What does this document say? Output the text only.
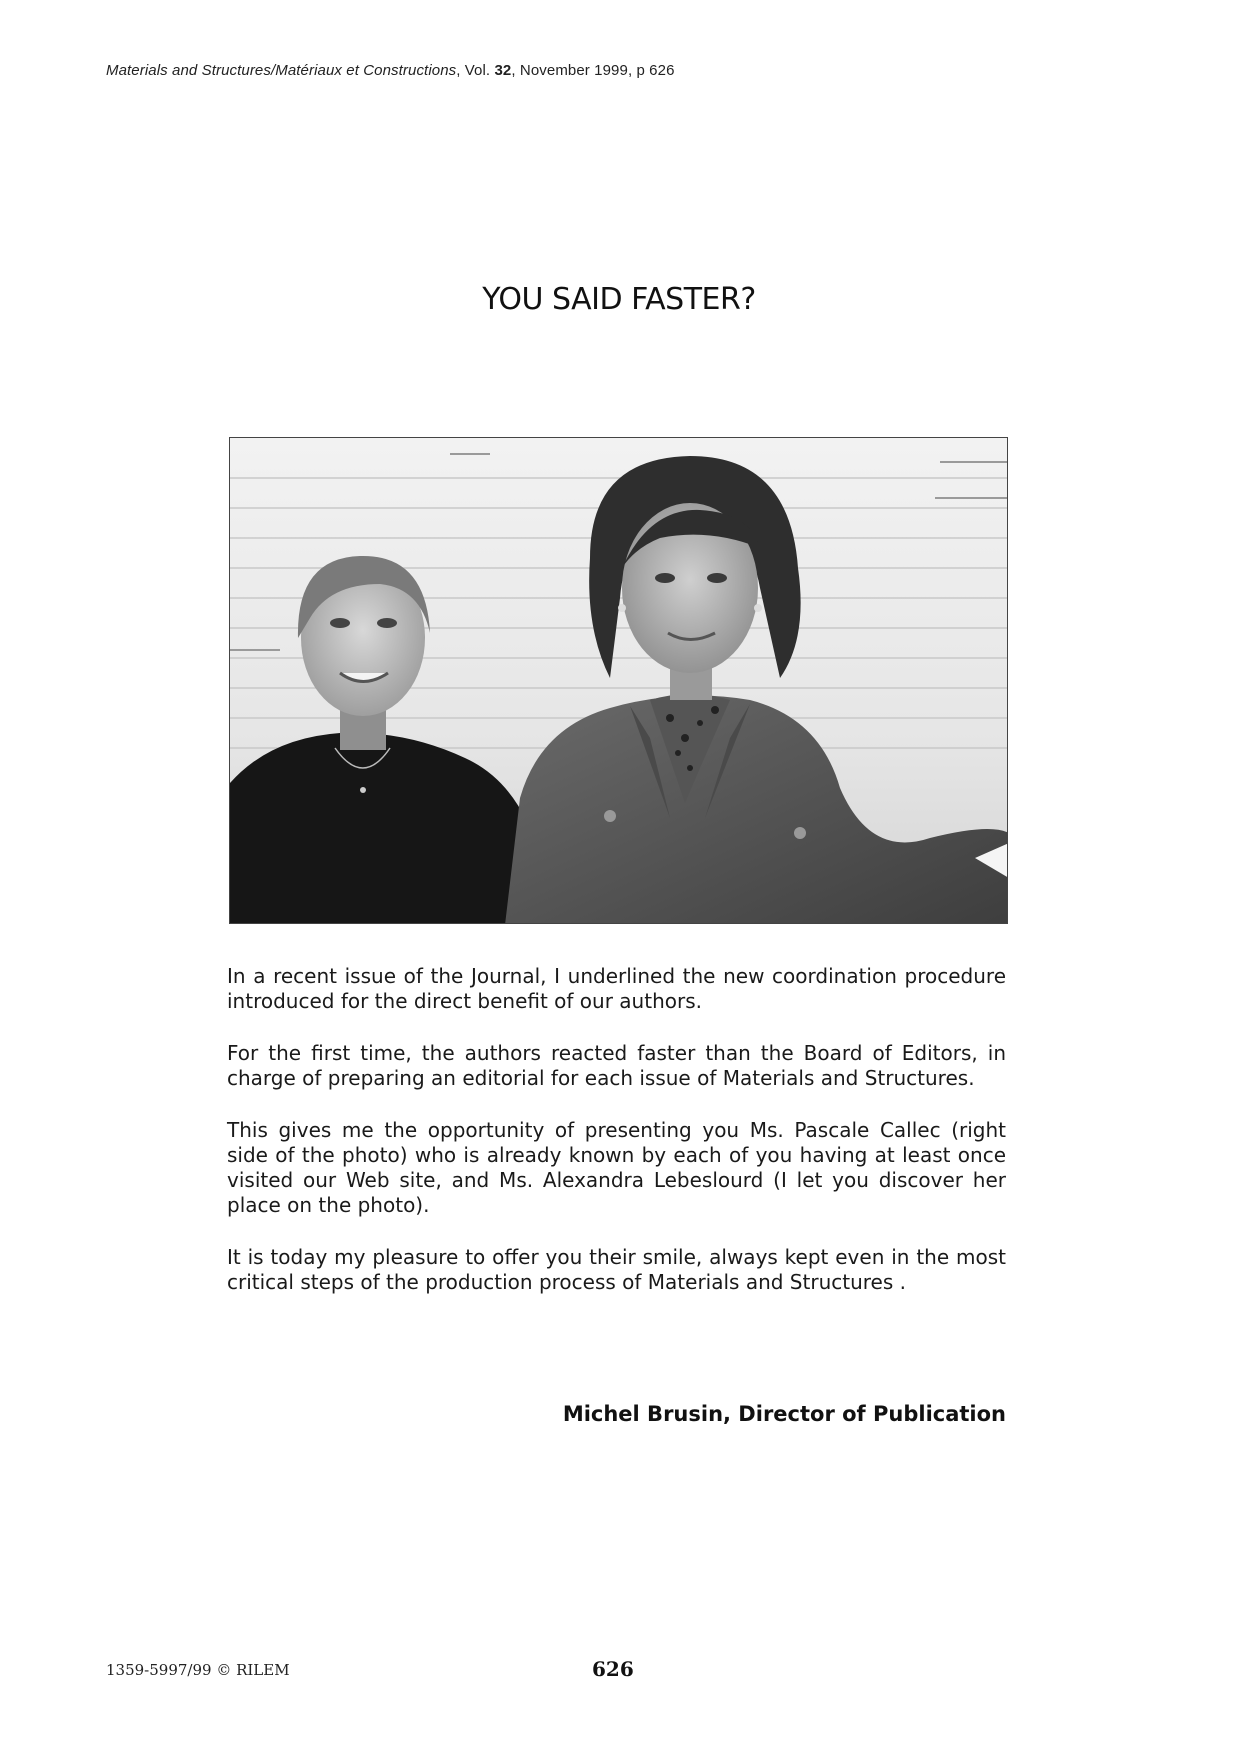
Materials and Structures/Matériaux et Constructions, Vol. 32, November 1999, p 626
YOU SAID FASTER?

In a recent issue of the Journal, I underlined the new coordination procedure introduced for the direct benefit of our authors.

For the first time, the authors reacted faster than the Board of Editors, in charge of preparing an editorial for each issue of Materials and Structures.

This gives me the opportunity of presenting you Ms. Pascale Callec (right side of the photo) who is already known by each of you having at least once visited our Web site, and Ms. Alexandra Lebeslourd (I let you discover her place on the photo).

It is today my pleasure to offer you their smile, always kept even in the most critical steps of the production process of Materials and Structures .

Michel Brusin, Director of Publication
1359-5997/99 © RILEM	626
